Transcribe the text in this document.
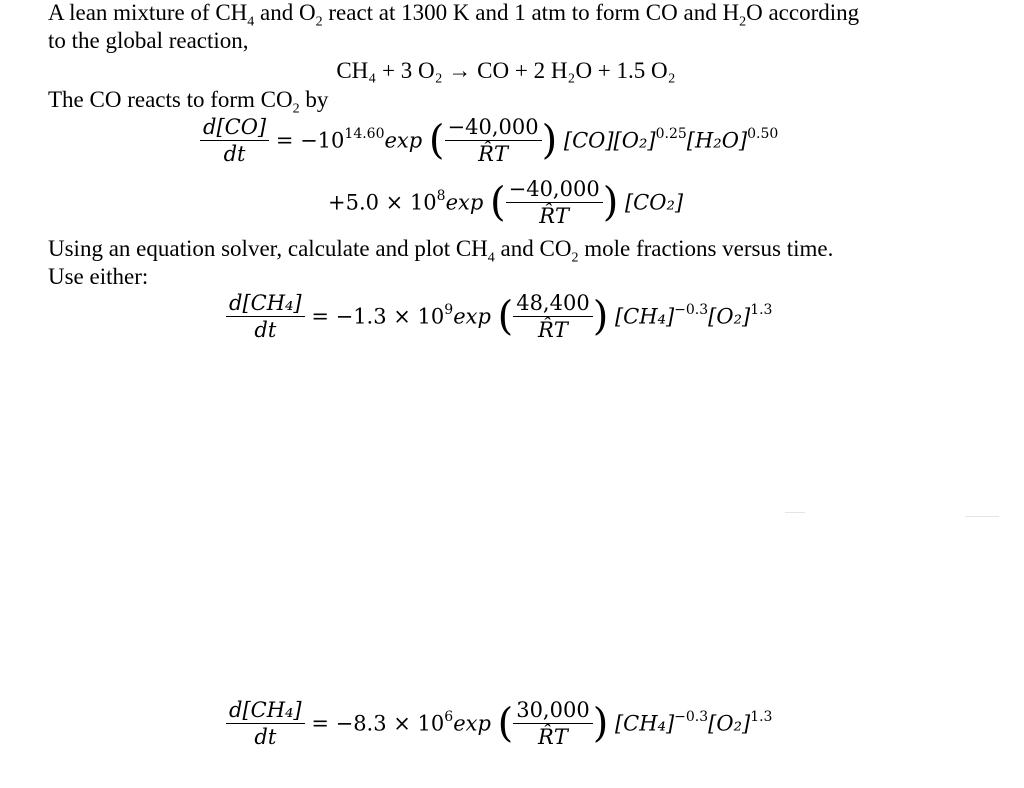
A lean mixture of $CH_4$ and $O_2$ react at 1300 K and 1 atm to form CO and $H_2O$ according
to the global reaction,
CH₄ + 3 O₂ → CO + 2 H₂O + 1.5 O₂
The CO reacts to form $CO_2$ by
$\frac{d[CO]}{dt} = -10^{14.60}\exp$ ( $\frac{-40,000}{R̂T}$ ) $[CO][O_2]^{0.25}[H_2O]^{0.50}$
$+5.0 \times 10^8\exp$ ( $\frac{-40,000}{R̂T}$ ) [CO₂]
Using an equation solver, calculate and plot $CH_4$ and $CO_2$ mole fractions versus time.
Use either:
$\frac{\text{d[CH₄]}}{dt} = -1.3 \times 10^9\exp$ ( $\frac{48,400}{R̂T}$ ) $[CH_4]^{-0.3}[O_2]^{1.3}$
$\frac{\text{d[CH₄]}}{dt} = -8.3 \times 10^6\exp$ ( $\frac{30,000}{R̂T}$ ) $[CH_4]^{-0.3}[O_2]^{1.3}$
